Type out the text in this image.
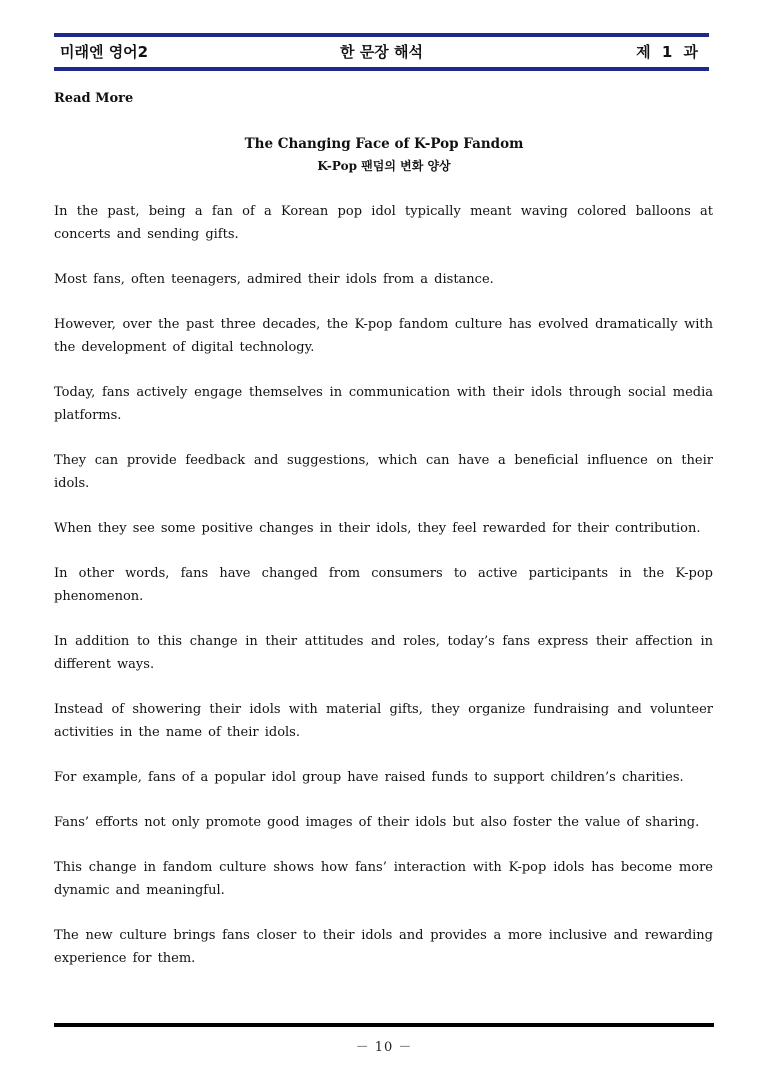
미래엔 영어2	한 문장 해석	제 1 과
Read More
The Changing Face of K-Pop Fandom
K-Pop 팬덤의 변화 양상

In the past, being a fan of a Korean pop idol typically meant waving colored balloons at concerts and sending gifts.

Most fans, often teenagers, admired their idols from a distance.

However, over the past three decades, the K-pop fandom culture has evolved dramatically with the development of digital technology.

Today, fans actively engage themselves in communication with their idols through social media platforms.

They can provide feedback and suggestions, which can have a beneficial influence on their idols.

When they see some positive changes in their idols, they feel rewarded for their contribution.

In other words, fans have changed from consumers to active participants in the K-pop phenomenon.

In addition to this change in their attitudes and roles, today’s fans express their affection in different ways.

Instead of showering their idols with material gifts, they organize fundraising and volunteer activities in the name of their idols.

For example, fans of a popular idol group have raised funds to support children’s charities.

Fans’ efforts not only promote good images of their idols but also foster the value of sharing.

This change in fandom culture shows how fans’ interaction with K-pop idols has become more dynamic and meaningful.

The new culture brings fans closer to their idols and provides a more inclusive and rewarding experience for them.

－ 10 －
